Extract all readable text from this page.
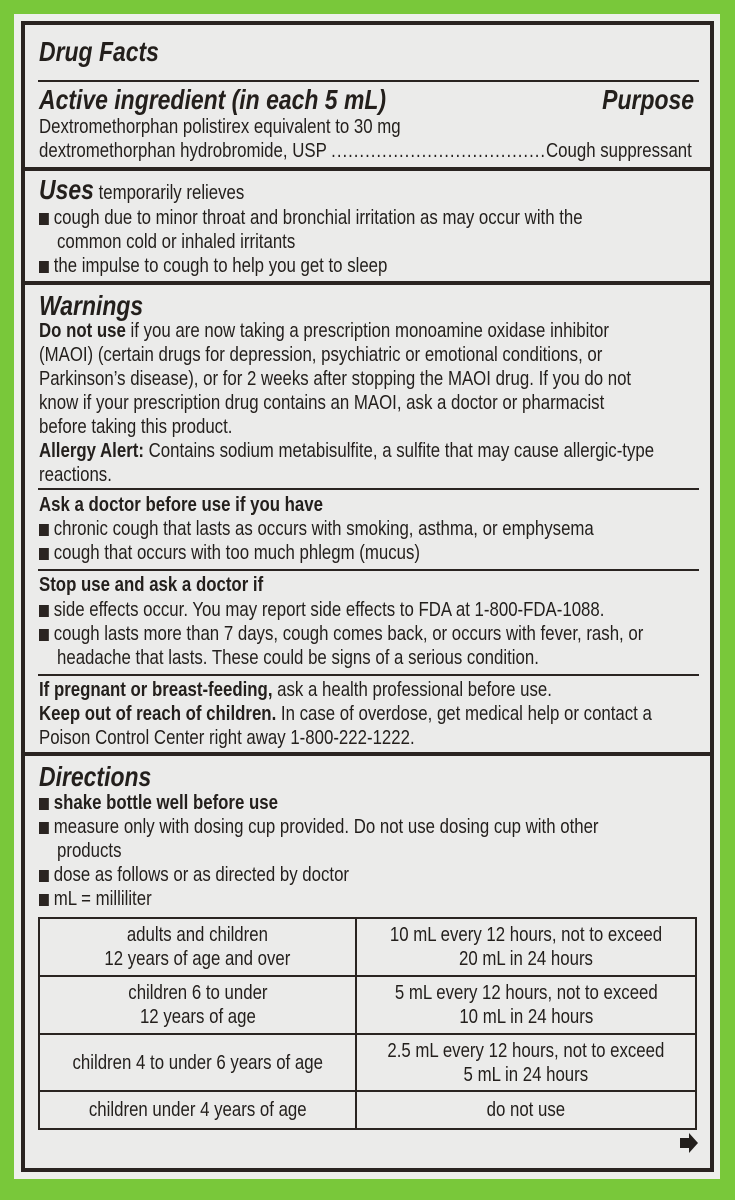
Drug Facts
Active ingredient (in each 5 mL)	Purpose
Dextromethorphan polistirex equivalent to 30 mg
dextromethorphan hydrobromide, USP ......................................Cough suppressant
Uses temporarily relieves
cough due to minor throat and bronchial irritation as may occur with the
common cold or inhaled irritants
the impulse to cough to help you get to sleep
Warnings
Do not use if you are now taking a prescription monoamine oxidase inhibitor
(MAOI) (certain drugs for depression, psychiatric or emotional conditions, or
Parkinson’s disease), or for 2 weeks after stopping the MAOI drug. If you do not
know if your prescription drug contains an MAOI, ask a doctor or pharmacist
before taking this product.
Allergy Alert: Contains sodium metabisulfite, a sulfite that may cause allergic-type
reactions.
Ask a doctor before use if you have
chronic cough that lasts as occurs with smoking, asthma, or emphysema
cough that occurs with too much phlegm (mucus)
Stop use and ask a doctor if
side effects occur. You may report side effects to FDA at 1-800-FDA-1088.
cough lasts more than 7 days, cough comes back, or occurs with fever, rash, or
headache that lasts. These could be signs of a serious condition.
If pregnant or breast-feeding, ask a health professional before use.
Keep out of reach of children. In case of overdose, get medical help or contact a
Poison Control Center right away 1-800-222-1222.
Directions
shake bottle well before use
measure only with dosing cup provided. Do not use dosing cup with other
products
dose as follows or as directed by doctor
mL = milliliter
adults and children
12 years of age and over	10 mL every 12 hours, not to exceed
20 mL in 24 hours
children 6 to under
12 years of age	5 mL every 12 hours, not to exceed
10 mL in 24 hours
children 4 to under 6 years of age	2.5 mL every 12 hours, not to exceed
5 mL in 24 hours
children under 4 years of age	do not use
